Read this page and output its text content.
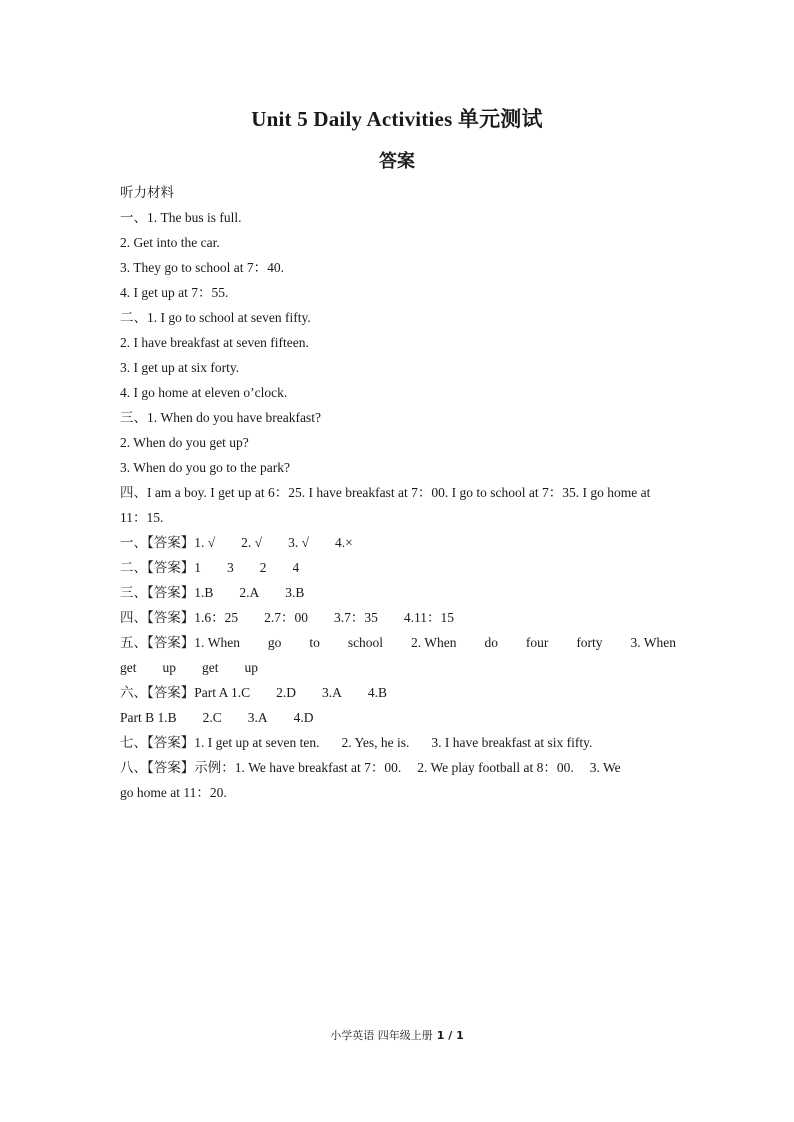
Unit 5 Daily Activities 单元测试
答案
听力材料
一、1. The bus is full.
2. Get into the car.
3. They go to school at 7：40.
4. I get up at 7：55.
二、1. I go to school at seven fifty.
2. I have breakfast at seven fifteen.
3. I get up at six forty.
4. I go home at eleven o’clock.
三、1. When do you have breakfast?
2. When do you get up?
3. When do you go to the park?
四、I am a boy. I get up at 6：25. I have breakfast at 7：00. I go to school at 7：35. I go home at
11：15.
一、【答案】1. √ 2. √ 3. √ 4.×
二、【答案】1 3 2 4
三、【答案】1.B 2.A 3.B
四、【答案】1.6：25 2.7：00 3.7：35 4.11：15
五、【答案】1. When go to school 2. When do four forty 3. When
get up get up
六、【答案】Part A 1.C 2.D 3.A 4.B
Part B 1.B 2.C 3.A 4.D
七、【答案】1. I get up at seven ten. 2. Yes, he is. 3. I have breakfast at six fifty.
八、【答案】示例：1. We have breakfast at 7：00. 2. We play football at 8：00. 3. We
go home at 11：20.
小学英语 四年级上册 1 / 1
